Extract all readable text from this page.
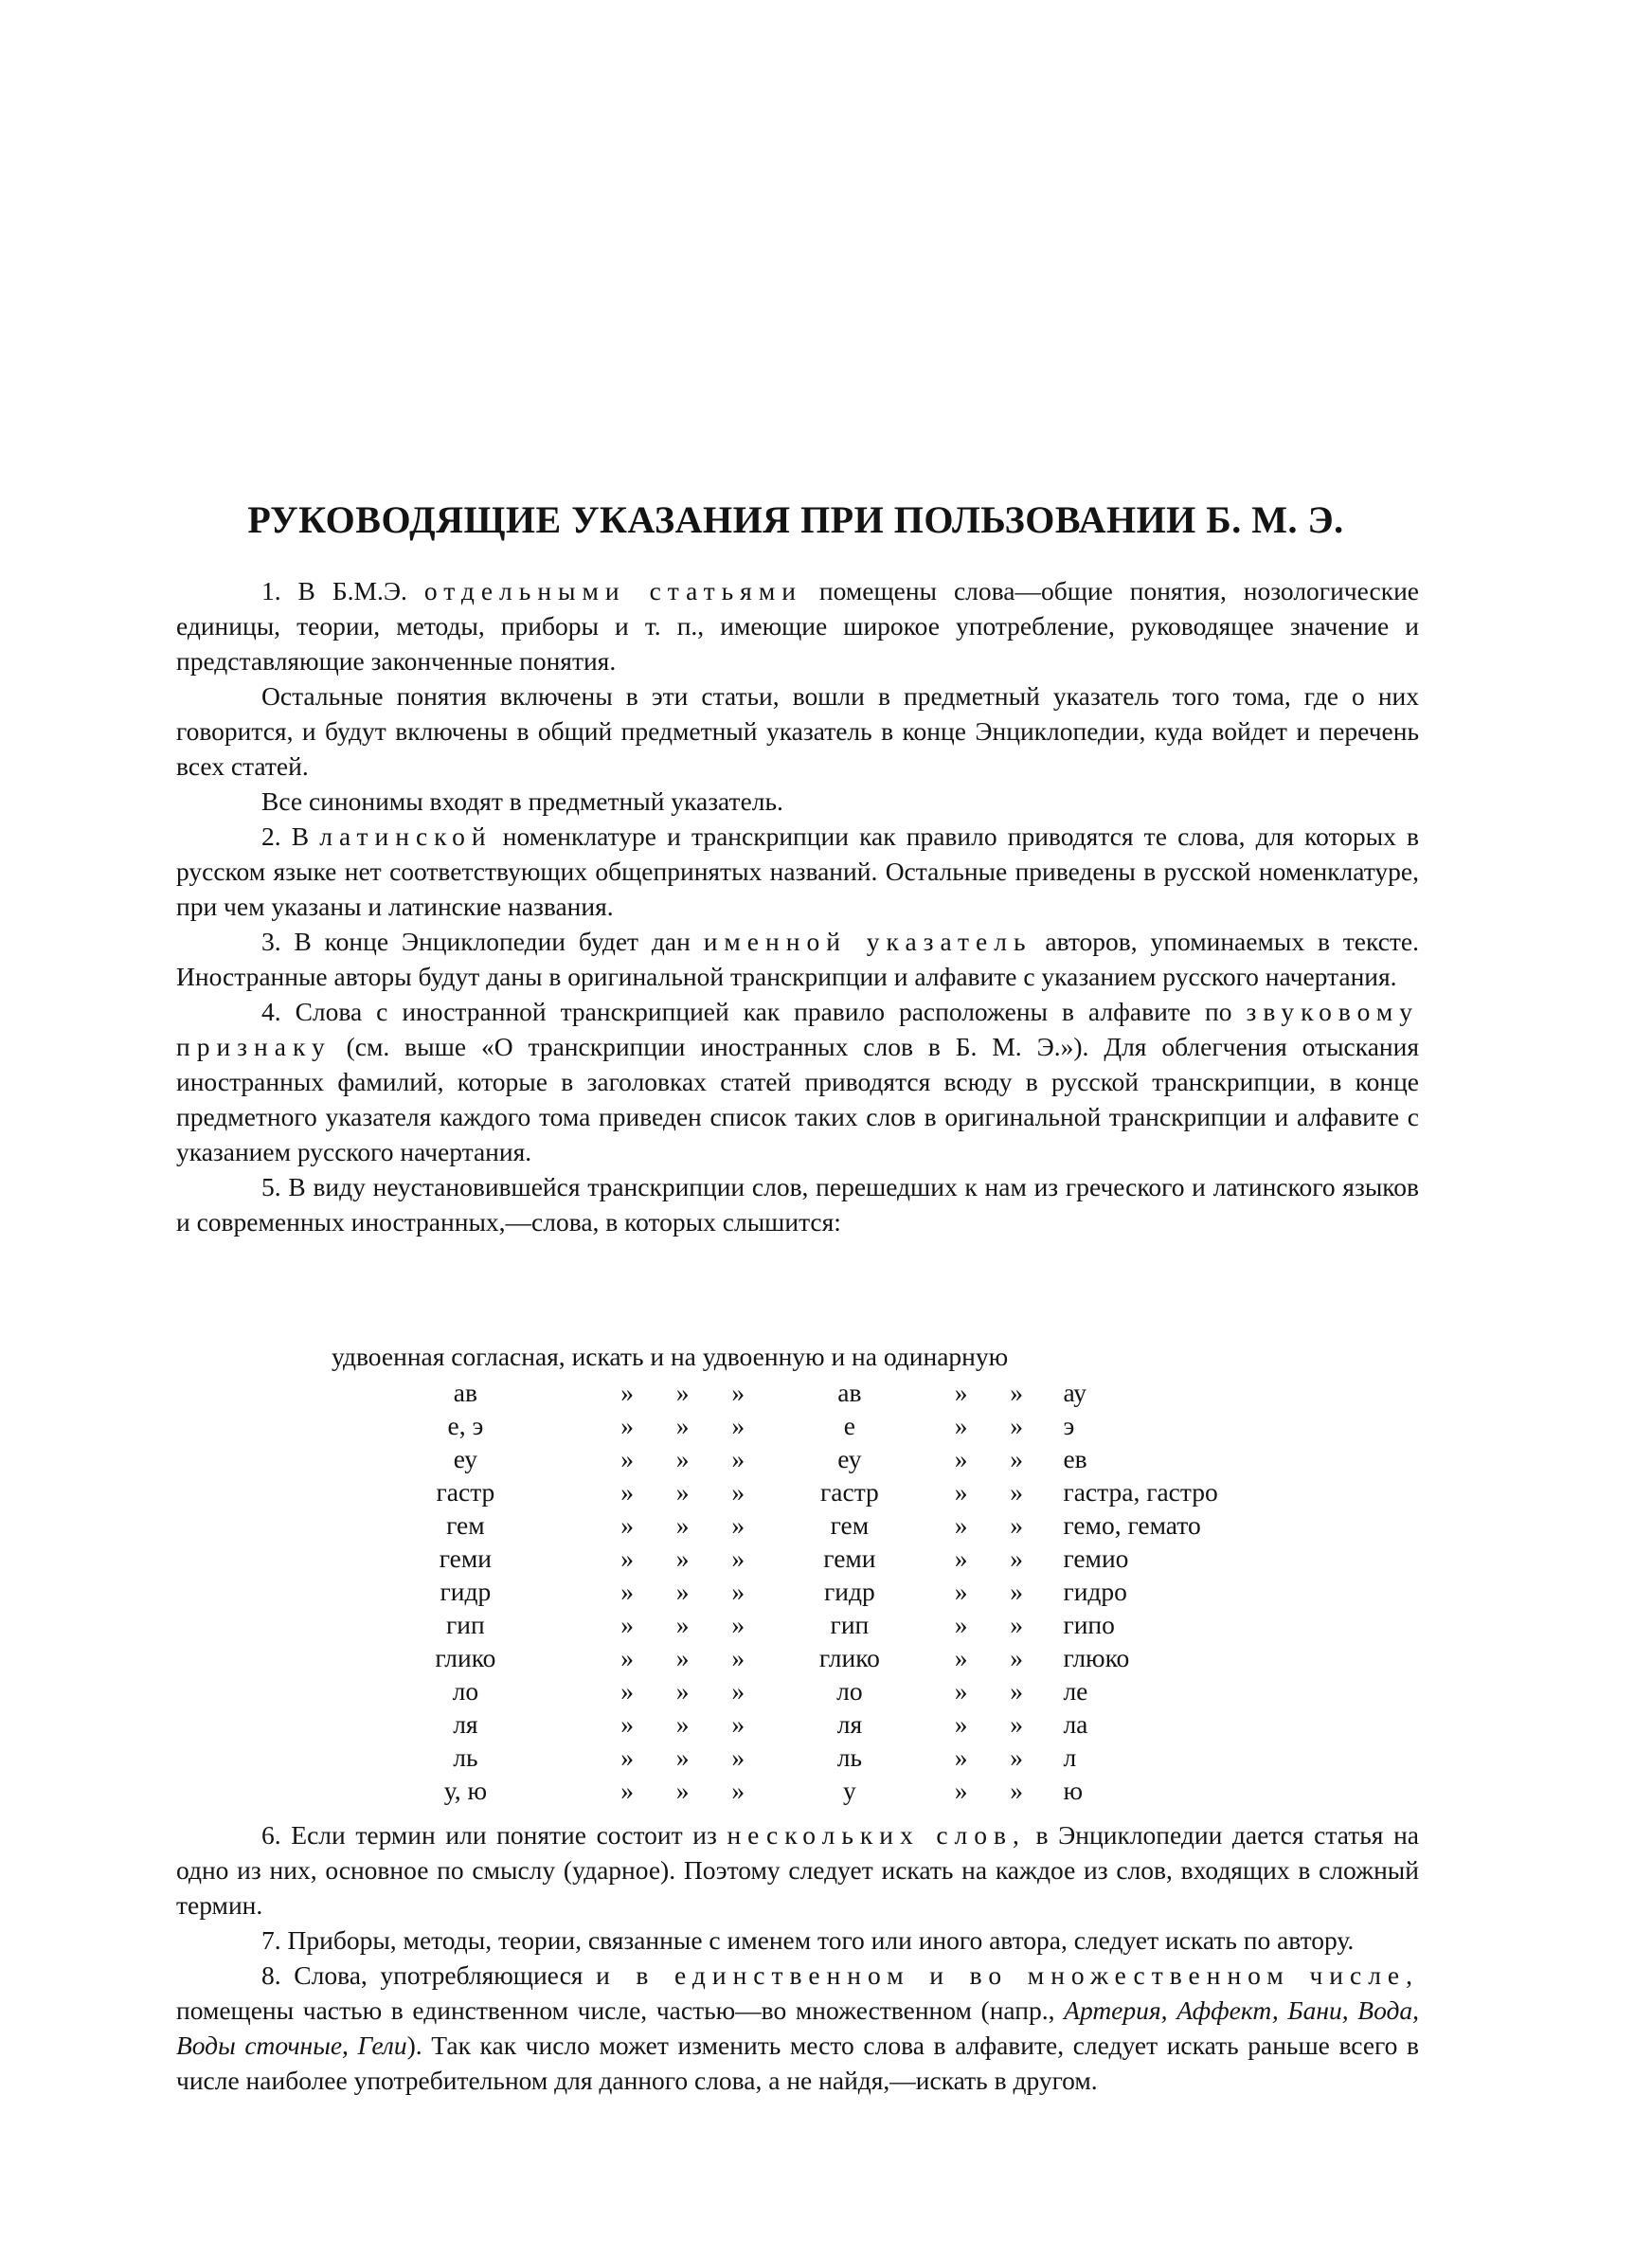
РУКОВОДЯЩИЕ УКАЗАНИЯ ПРИ ПОЛЬЗОВАНИИ Б. М. Э.

1. В Б.М.Э. отдельными статьями помещены слова—общие понятия, нозологические единицы, теории, методы, приборы и т. п., имеющие широкое употребление, руководящее значение и представляющие законченные понятия.

Остальные понятия включены в эти статьи, вошли в предметный указатель того тома, где о них говорится, и будут включены в общий предметный указатель в конце Энциклопедии, куда войдет и перечень всех статей.

Все синонимы входят в предметный указатель.

2. В латинской номенклатуре и транскрипции как правило приводятся те слова, для которых в русском языке нет соответствующих общепринятых названий. Остальные приведены в русской номенклатуре, при чем указаны и латинские названия.

3. В конце Энциклопедии будет дан именной указатель авторов, упоминаемых в тексте. Иностранные авторы будут даны в оригинальной транскрипции и алфавите с указанием русского начертания.

4. Слова с иностранной транскрипцией как правило расположены в алфавите по звуковому признаку (см. выше «О транскрипции иностранных слов в Б. М. Э.»). Для облегчения отыскания иностранных фамилий, которые в заголовках статей приводятся всюду в русской транскрипции, в конце предметного указателя каждого тома приведен список таких слов в оригинальной транскрипции и алфавите с указанием русского начертания.

5. В виду неустановившейся транскрипции слов, перешедших к нам из греческого и латинского языков и современных иностранных,—слова, в которых слышится:

удвоенная согласная, искать и на удвоенную и на одинарную							
ав	»	»	»	ав	»	»	ау
е, э	»	»	»	е	»	»	э
еу	»	»	»	еу	»	»	ев
гастр	»	»	»	гастр	»	»	гастра, гастро
гем	»	»	»	гем	»	»	гемо, гемато
геми	»	»	»	геми	»	»	гемио
гидр	»	»	»	гидр	»	»	гидро
гип	»	»	»	гип	»	»	гипо
глико	»	»	»	глико	»	»	глюко
ло	»	»	»	ло	»	»	ле
ля	»	»	»	ля	»	»	ла
ль	»	»	»	ль	»	»	л
у, ю	»	»	»	у	»	»	ю

6. Если термин или понятие состоит из нескольких слов, в Энциклопедии дается статья на одно из них, основное по смыслу (ударное). Поэтому следует искать на каждое из слов, входящих в сложный термин.

7. Приборы, методы, теории, связанные с именем того или иного автора, следует искать по автору.

8. Слова, употребляющиеся и в единственном и во множественном числе, помещены частью в единственном числе, частью—во множественном (напр., Артерия, Аффект, Бани, Вода, Воды сточные, Гели). Так как число может изменить место слова в алфавите, следует искать раньше всего в числе наиболее употребительном для данного слова, а не найдя,—искать в другом.
